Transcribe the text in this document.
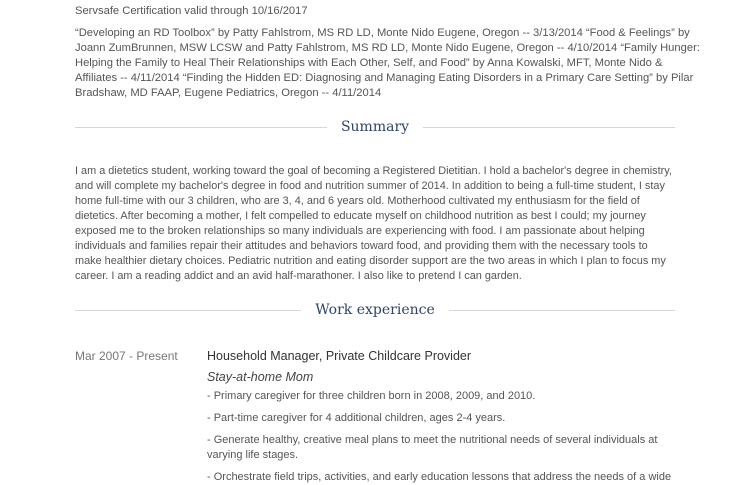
Servsafe Certification valid through 10/16/2017
“Developing an RD Toolbox” by Patty Fahlstrom, MS RD LD, Monte Nido Eugene, Oregon -- 3/13/2014 “Food & Feelings” by
Joann ZumBrunnen, MSW LCSW and Patty Fahlstrom, MS RD LD, Monte Nido Eugene, Oregon -- 4/10/2014 “Family Hunger:
Helping the Family to Heal Their Relationships with Each Other, Self, and Food” by Anna Kowalski, MFT, Monte Nido &
Affiliates -- 4/11/2014 “Finding the Hidden ED: Diagnosing and Managing Eating Disorders in a Primary Care Setting” by Pilar
Bradshaw, MD FAAP, Eugene Pediatrics, Oregon -- 4/11/2014
Summary
I am a dietetics student, working toward the goal of becoming a Registered Dietitian. I hold a bachelor's degree in chemistry,
and will complete my bachelor's degree in food and nutrition summer of 2014. In addition to being a full-time student, I stay
home full-time with our 3 children, who are 3, 4, and 6 years old. Motherhood cultivated my enthusiasm for the field of
dietetics. After becoming a mother, I felt compelled to educate myself on childhood nutrition as best I could; my journey
exposed me to the broken relationships so many individuals are experiencing with food. I am passionate about helping
individuals and families repair their attitudes and behaviors toward food, and providing them with the necessary tools to
make healthier dietary choices. Pediatric nutrition and eating disorder support are the two areas in which I plan to focus my
career. I am a reading addict and an avid half-marathoner. I also like to pretend I can garden.
Work experience
Mar 2007 - Present Household Manager, Private Childcare Provider
Stay-at-home Mom
- Primary caregiver for three children born in 2008, 2009, and 2010.
- Part-time caregiver for 4 additional children, ages 2-4 years.
- Generate healthy, creative meal plans to meet the nutritional needs of several individuals at
varying life stages.
- Orchestrate field trips, activities, and early education lessons that address the needs of a wide
